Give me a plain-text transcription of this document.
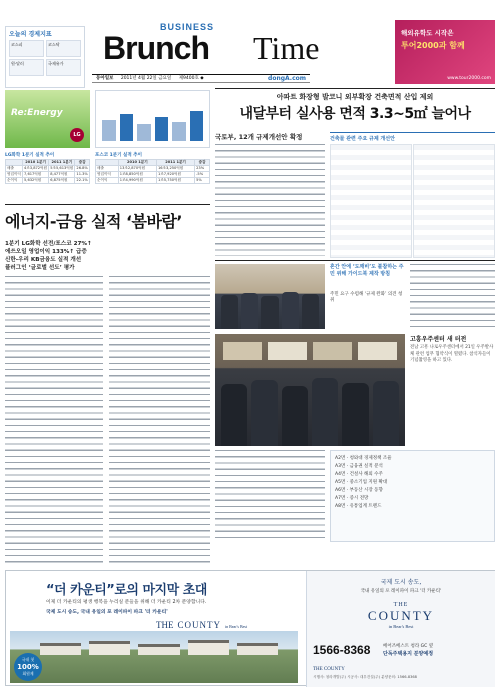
오늘의 경제지표
코스피	코스닥
원·달러	국제유가
BUSINESS
Brunch Time
동아일보 2011년 4월 22일 금요일 제9400호 ◆	dongA.com
해외유학도 시작은
투어2000과 함께
www.tour2000.com
Re:Energy
LG
LG화학 1분기 실적 추이
	2010 1분기	2011 1분기	증감
매출	4조3,872억원	5조5,613억원	26.8%
영업이익	7,617억원	8,477억원	11.3%
순이익	5,632억원	6,875억원	22.1%
포스코 1분기 실적 추이
	2010 1분기	2011 1분기	증감
매출	13조2,870억원	16조3,250억원	23%
영업이익	1조8,850억원	1조7,920억원	-5%
순이익	1조4,990억원	1조5,750억원	5%
에너지-금융 실적 ‘봄바람’
1분기 LG화학 선전/포스코 27%↑
에쓰오일 영업이익 133%↑ 급증
신한-우리 KB금융도 실적 개선
플러그인 ‘글로벌 선도’ 평가
아파트 화장형 발코니 외부확장 건축면적 산입 제외
내달부터 실사용 면적 3.3~5㎡ 늘어나
국토부, 12개 규제개선안 확정	건축물 관련 주요 규제 개선안
흔간 안에 ‘도깨비’도 불참하는 주민 위해 가이드북 제작 방침
주민 요구 수렴해 ‘규제 완화’ 의견 청취
고흥우주센터 새 터전
전남 고흥 나로우주센터에서 21일 우주발사체 관련 업무 협약식이 열렸다. 참석자들이 기념촬영을 하고 있다.
A2면 · 청와대 경제정책 조율
A3면 · 금융권 실적 분석
A4면 · 건설사 해외 수주
A5면 · 중소기업 지원 확대
A6면 · 부동산 시장 동향
A7면 · 증시 전망
A8면 · 유통업계 트렌드
“더 카운티”로의 마지막 초대
이제 더 카운티의 평생 행복을 누리실 분들을 위해 더 카운티 2차 분양합니다.
국제 도시 송도, 국내 유일의 포 레이파이 파크 '더 카운티'
THE COUNTY in Bear's Best
국내 첫
100%
회원제
국제 도시 송도,
국내 유일의 포 레이파이 파크 '더 카운티'
THE
COUNTY
in Bear's Best
1566-8368	베어즈베스트 청라 GC 옆
단독주택용지 분양예정
THE COUNTY
시행사: 청라개발(주) 시공사: 대우건설(주) 분양문의: 1566-8368
